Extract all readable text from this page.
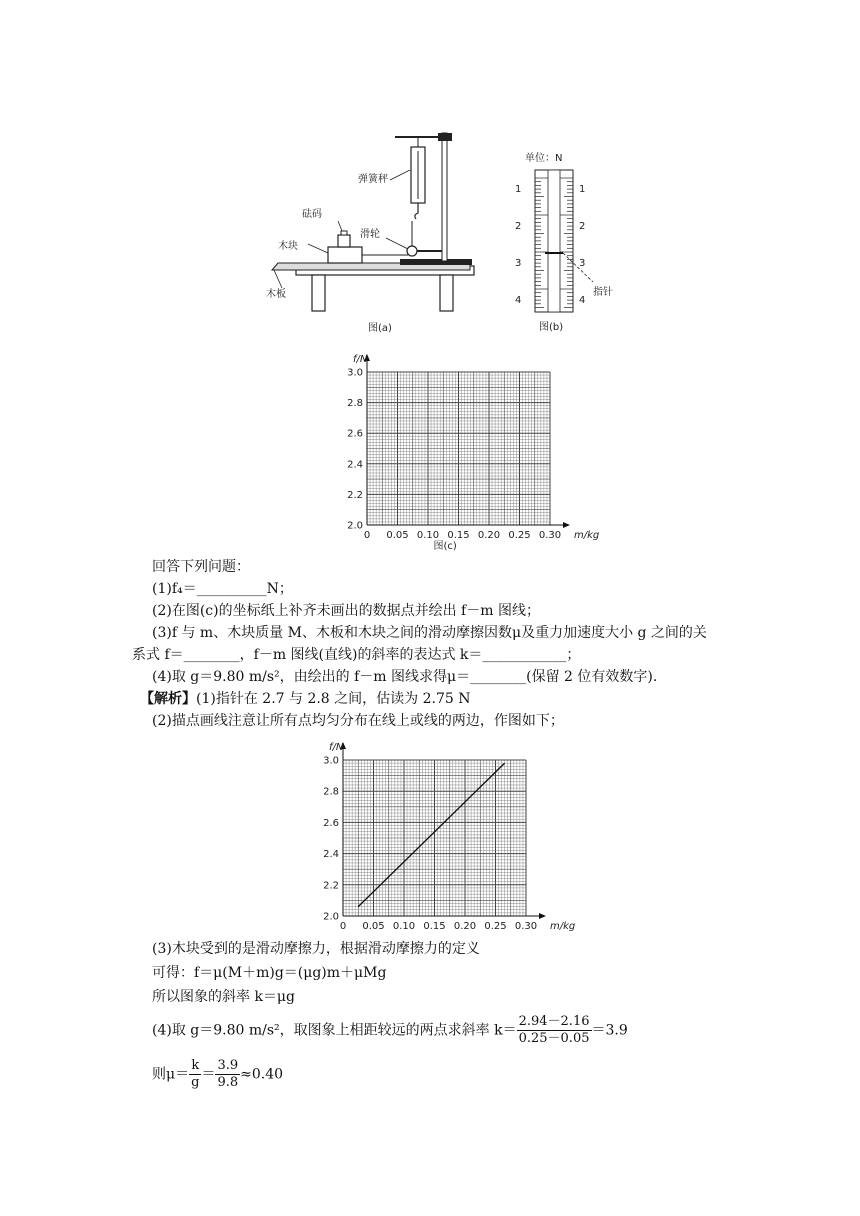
弹簧秤
砝码
滑轮
木块
木板
图(a)
单位：N
1
2
3
4
1
2
3
4
指针
图(b)
0 0.05 0.10 0.15 0.20 0.25 0.30
2.0
2.2
2.4
2.6
2.8
3.0
m/kg
f/N
图(c)
回答下列问题：
(1)f₄＝__________N；
(2)在图(c)的坐标纸上补齐未画出的数据点并绘出 f－m 图线；
(3)f 与 m、木块质量 M、木板和木块之间的滑动摩擦因数μ及重力加速度大小 g 之间的关
系式 f＝________，f－m 图线(直线)的斜率的表达式 k＝____________；
(4)取 g＝9.80 m/s²，由绘出的 f－m 图线求得μ＝________(保留 2 位有效数字).
【解析】(1)指针在 2.7 与 2.8 之间，估读为 2.75 N
(2)描点画线注意让所有点均匀分布在线上或线的两边，作图如下；
0 0.05 0.10 0.15 0.20 0.25 0.30
2.0
2.2
2.4
2.6
2.8
3.0
m/kg
f/N
(3)木块受到的是滑动摩擦力，根据滑动摩擦力的定义
可得：f＝μ(M＋m)g＝(μg)m＋μMg
所以图象的斜率 k＝μg
(4)取 g＝9.80 m/s²，取图象上相距较远的两点求斜率 $k= \frac{2.94-2.16}{0.25-0.05} =3.9$
则$\mu= \frac{k}{g} = \frac{3.9}{9.8} \approx 0.40$
